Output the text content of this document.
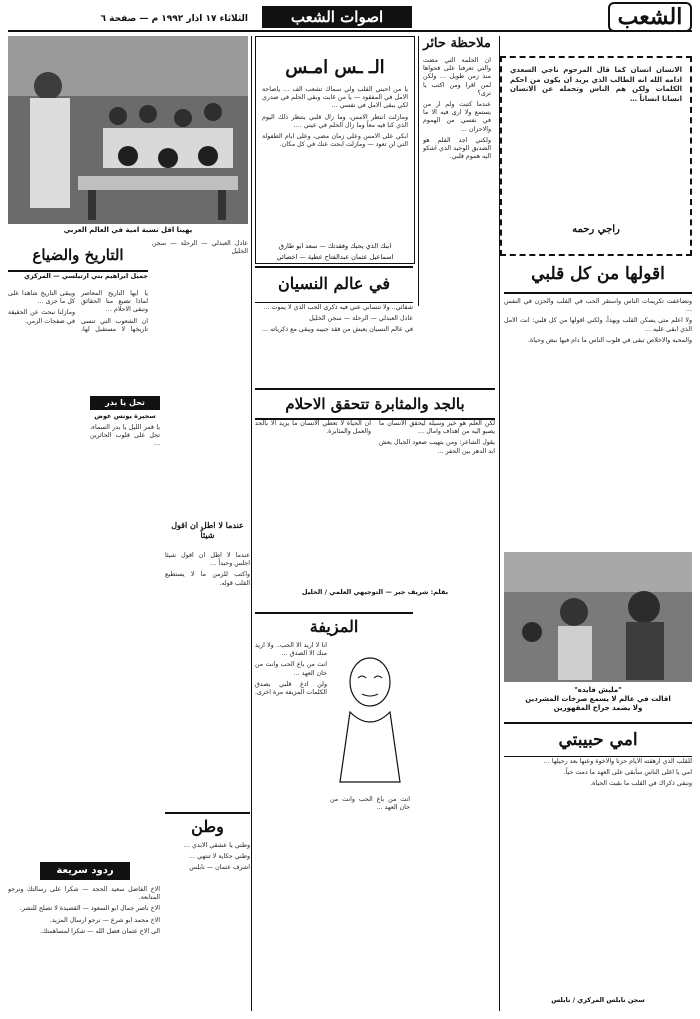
الثلاثاء ١٧ اذار ١٩٩٢ م — صفحة ٦	اصوات الشعب	الشعب
يهبنا اقل نسبة امية في العالم العربي
الـ ـس امـس

يا من احبني القلب ولي سماك تشعب الف … ياصاحة الامل في المفقود — يا من غابت وبقي الحلم في صدري لكي يبقى الامل في نفسي …

ومازلت انتظر الامس، وما زال قلبي ينتظر ذلك اليوم الذي كنا فيه معاً وما زال الحلم في عيني ….

ابكي على الامس وعلى زمان مضى، وعلى ايام الطفولة التي لن تعود — ومازلت ابحث عنك في كل مكان.

ابنك الذي يحبك وفقدتك — سعد ابو طارق
اسماعيل عثمان عبدالفتاح عطية — اخصائي
ملاحظة حائر

ان الحلمة التي مضت والتي تعرفنا على فحواها منذ زمن طويل … ولكن لمن اقرا ومن اكتب يا ترى؟

عندما كتبت ولم ار من يستمع ولا ارى فيه الا ما في نفسي من الهموم والاحزان …

ولكني اجد القلم هو الصديق الوحيد الذي اشكو اليه هموم قلبي.

الانسان انسان كما قال المرحوم ناجي السعدي ادامه الله انه الطالب الذي يريد ان يكون من احكم الكلمات ولكن هم الناس وتحمله عن الانسان انسانا انساناً …
راجي رحمه
اقولها من كل قلبي

وتضاعفت تكريمات الناس واستقر الحب في القلب والحزن في النفس …

ولا اعلم متى يسكن القلب ويهدأ، ولكني اقولها من كل قلبي: انت الامل الذي ابقى عليه …

والمحبة والاخلاص تبقى في قلوب الناس ما دام فيها نبض وحياة.

في عالم النسيان

شقائي.. ولا تنساني عني فيه ذكرى الحب الذي لا يموت …

عادل العبدلي — الرحلة — سجن الخليل

في عالم النسيان يعيش من فقد حبيبه ويبقى مع ذكرياته …

بالجد والمثابرة تتحقق الاحلام

لكن العلم هو خير وسيلة ليحقق الانسان ما يصبو اليه من اهداف وامال …

يقول الشاعر: ومن يتهيب صعود الجبال يعش ابد الدهر بين الحفر …

ان الحياة لا تعطي الانسان ما يريد الا بالجد والعمل والمثابرة.

بقلم: شريف جبر — التوجيهي العلمي / الخليل
التاريخ والضياع
جميل ابراهيم بني ارتيلسي — المركزي

يا ايها التاريخ المعاصر لماذا تضيع منا الحقائق وتبقى الاحلام …

ان الشعوب التي تنسى تاريخها لا مستقبل لها، ويبقى التاريخ شاهداً على كل ما جرى …

ومازلنا نبحث عن الحقيقة في صفحات الزمن.

عادل العبدلي — الرحلة — سجن الخليل

تحل يا بدر
سحيرة يونس عوض

يا قمر الليل يا بدر السماء، تحل على قلوب الحائرين …

عندما لا اطل ان اقول شيئاً

عندما لا اطل ان اقول شيئاً اجلس وحيداً …

واكتب للزمن ما لا يستطيع القلب قوله.

المزيفة

انا لا اريد الا الحب.. ولا اريد منك الا الصدق …

انت من باع الحب وانت من خان العهد …

ولن ادع قلبي يصدق الكلمات المزيفة مرة اخرى.

انت من باع الحب وانت من خان العهد …

وطن

وطني يا عشقي الابدي …

وطني حكاية لا تنتهي …

اشرف عثمان — نابلس

ردود سريعة

الاخ الفاضل سعيد الحجة — شكرا على رسالتك ونرجو المتابعة.

الاخ ناصر جمال ابو السعود — القصيدة لا تصلح للنشر.

الاخ محمد ابو شرع — نرجو ارسال المزيد.

الى الاخ عثمان فضل الله — شكرا لمساهمتك.

"مليش فايده"
اقالت في عالم لا يسمع صرخات المشردين
ولا يضمد جراح المقهورين
امي حبيبتي

للقلب الذي ارهقته الايام حزناً والاخوة وعنها بعد رحيلها …

امي يا اغلى الناس سأبقى على العهد ما دمت حياً.

وتبقى ذكراك في القلب ما بقيت الحياة.

سجن نابلس المركزي / نابلس
